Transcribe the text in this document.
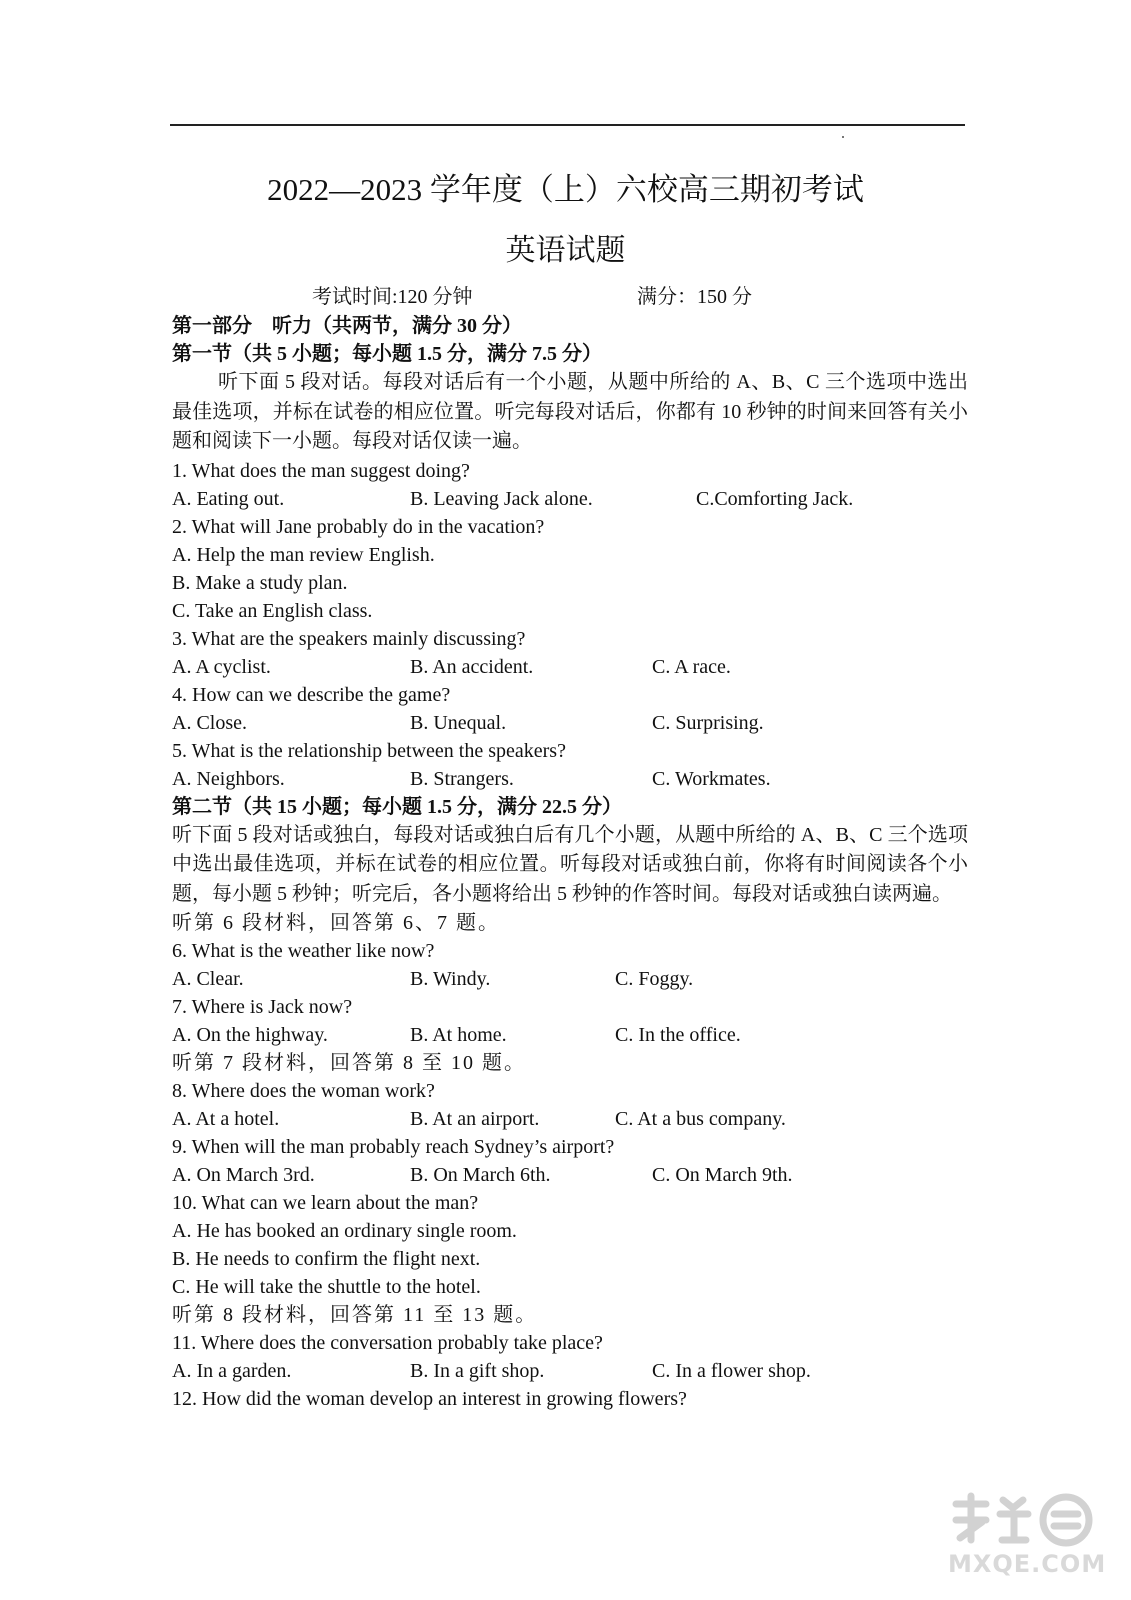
2022—2023 学年度（上）六校高三期初考试
英语试题
考试时间:120 分钟	满分：150 分
第一部分　听力（共两节，满分 30 分）
第一节（共 5 小题；每小题 1.5 分，满分 7.5 分）
听下面 5 段对话。每段对话后有一个小题，从题中所给的 A、B、C 三个选项中选出最佳选项，并标在试卷的相应位置。听完每段对话后，你都有 10 秒钟的时间来回答有关小题和阅读下一小题。每段对话仅读一遍。
1. What does the man suggest doing?
A. Eating out.	B. Leaving Jack alone.	C.Comforting Jack.
2. What will Jane probably do in the vacation?
A. Help the man review English.
B. Make a study plan.
C. Take an English class.
3. What are the speakers mainly discussing?
A. A cyclist.	B. An accident.	C. A race.
4. How can we describe the game?
A. Close.	B. Unequal.	C. Surprising.
5. What is the relationship between the speakers?
A. Neighbors.	B. Strangers.	C. Workmates.
第二节（共 15 小题；每小题 1.5 分，满分 22.5 分）
听下面 5 段对话或独白，每段对话或独白后有几个小题，从题中所给的 A、B、C 三个选项中选出最佳选项，并标在试卷的相应位置。听每段对话或独白前，你将有时间阅读各个小题，每小题 5 秒钟；听完后，各小题将给出 5 秒钟的作答时间。每段对话或独白读两遍。
听第 6 段材料，回答第 6、7 题。
6. What is the weather like now?
A. Clear.	B. Windy.	C. Foggy.
7. Where is Jack now?
A. On the highway.	B. At home.	C. In the office.
听第 7 段材料，回答第 8 至 10 题。
8. Where does the woman work?
A. At a hotel.	B. At an airport.	C. At a bus company.
9. When will the man probably reach Sydney’s airport?
A. On March 3rd.	B. On March 6th.	C. On March 9th.
10. What can we learn about the man?
A. He has booked an ordinary single room.
B. He needs to confirm the flight next.
C. He will take the shuttle to the hotel.
听第 8 段材料，回答第 11 至 13 题。
11. Where does the conversation probably take place?
A. In a garden.	B. In a gift shop.	C. In a flower shop.
12. How did the woman develop an interest in growing flowers?
MXQE.COM
